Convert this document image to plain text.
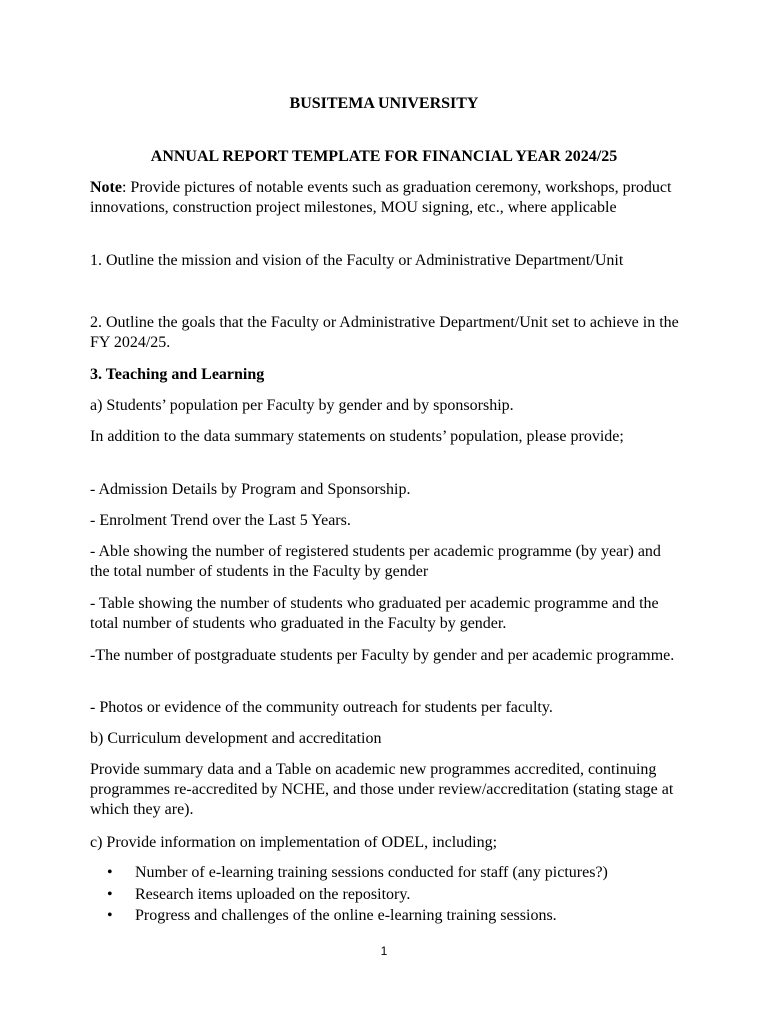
BUSITEMA UNIVERSITY

ANNUAL REPORT TEMPLATE FOR FINANCIAL YEAR 2024/25

Note: Provide pictures of notable events such as graduation ceremony, workshops, product innovations, construction project milestones, MOU signing, etc., where applicable

1. Outline the mission and vision of the Faculty or Administrative Department/Unit

2. Outline the goals that the Faculty or Administrative Department/Unit set to achieve in the FY 2024/25.

3. Teaching and Learning

a) Students’ population per Faculty by gender and by sponsorship.

In addition to the data summary statements on students’ population, please provide;

- Admission Details by Program and Sponsorship.

- Enrolment Trend over the Last 5 Years.

- Able showing the number of registered students per academic programme (by year) and the total number of students in the Faculty by gender

- Table showing the number of students who graduated per academic programme and the total number of students who graduated in the Faculty by gender.

-The number of postgraduate students per Faculty by gender and per academic programme.

- Photos or evidence of the community outreach for students per faculty.

b) Curriculum development and accreditation

Provide summary data and a Table on academic new programmes accredited, continuing programmes re-accredited by NCHE, and those under review/accreditation (stating stage at which they are).

c) Provide information on implementation of ODEL, including;

• Number of e-learning training sessions conducted for staff (any pictures?)
• Research items uploaded on the repository.
• Progress and challenges of the online e-learning training sessions.
1
